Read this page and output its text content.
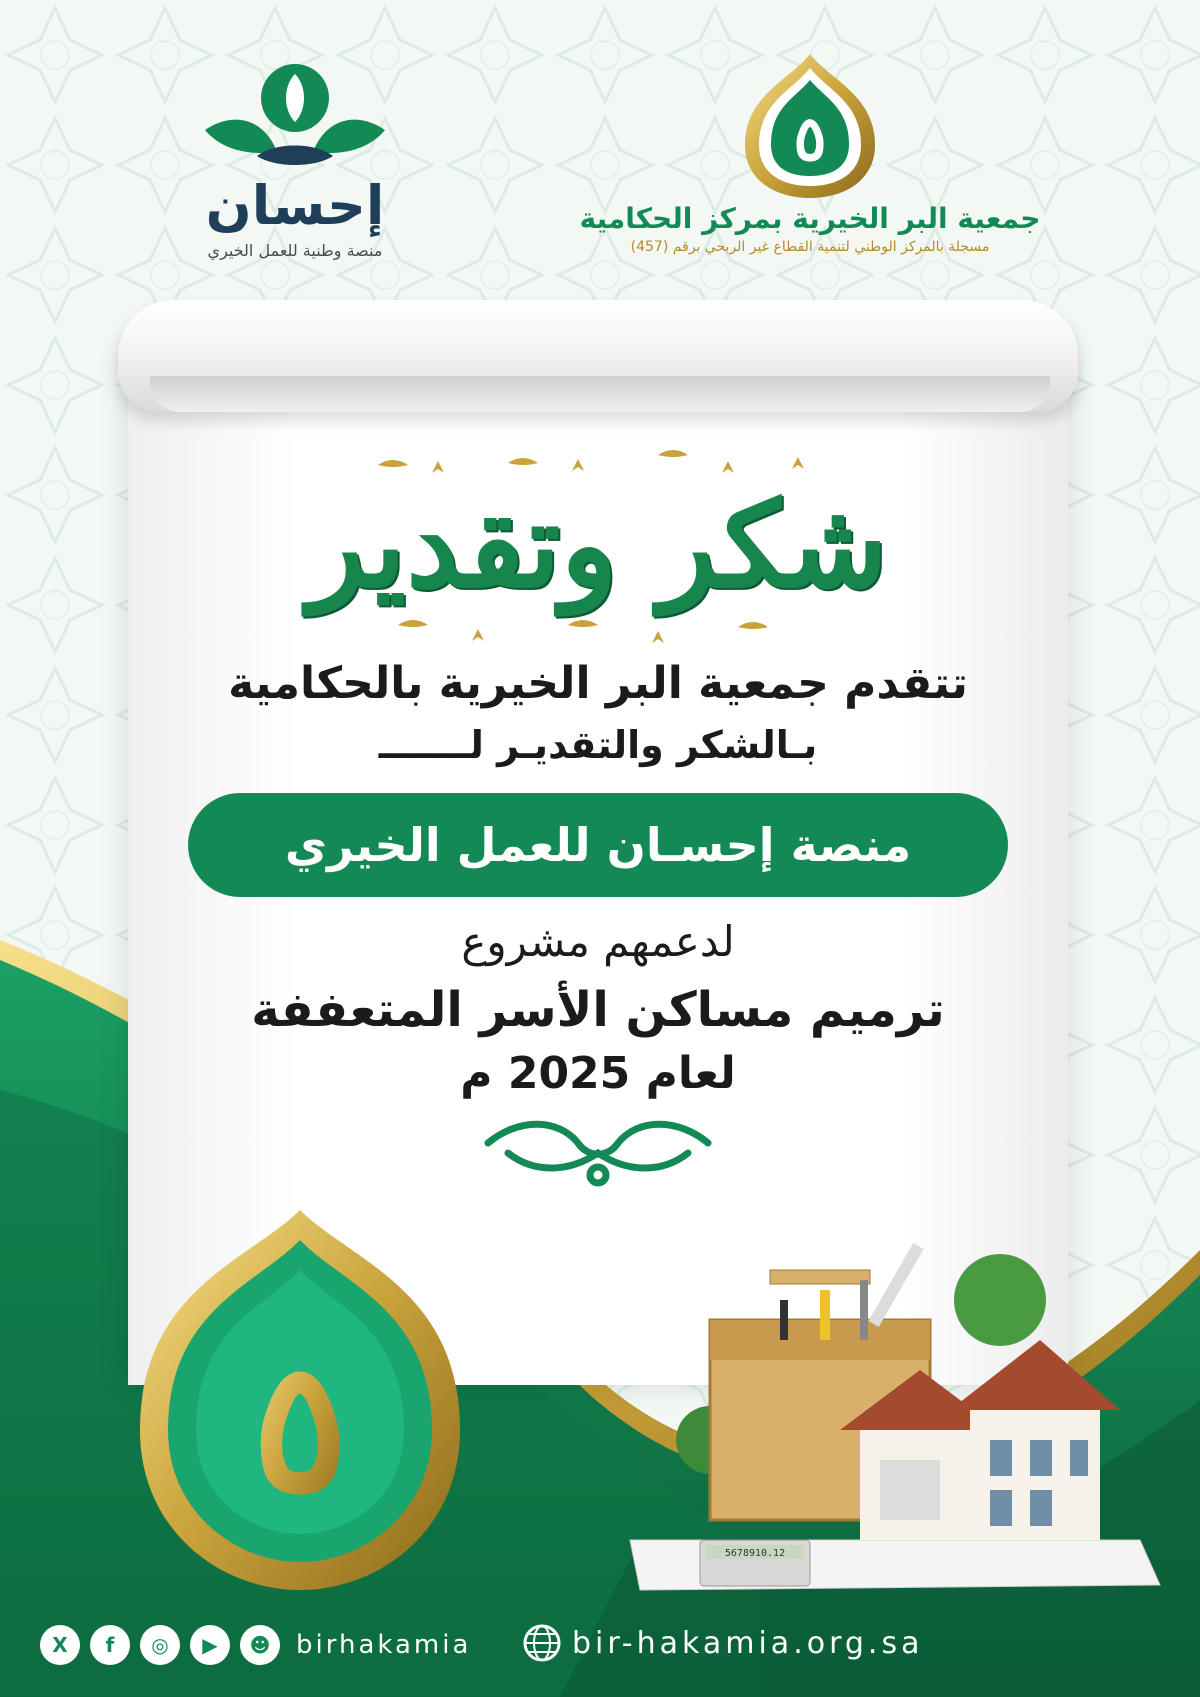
إحسان
منصة وطنية للعمل الخيري
٥
جمعية البر الخيرية بمركز الحكامية
مسجلة بالمركز الوطني لتنمية القطاع غير الربحي برقم (457)
شكر وتقدير
تتقدم جمعية البر الخيرية بالحكامية
بـالشكر والتقديـر لـــــــ
منصة إحسـان للعمل الخيري
لدعمهم مشروع
ترميم مساكن الأسر المتعففة
لعام 2025 م
٥
5678910.12
X	f	◎	▶	☻ birhakamia	bir-hakamia.org.sa
